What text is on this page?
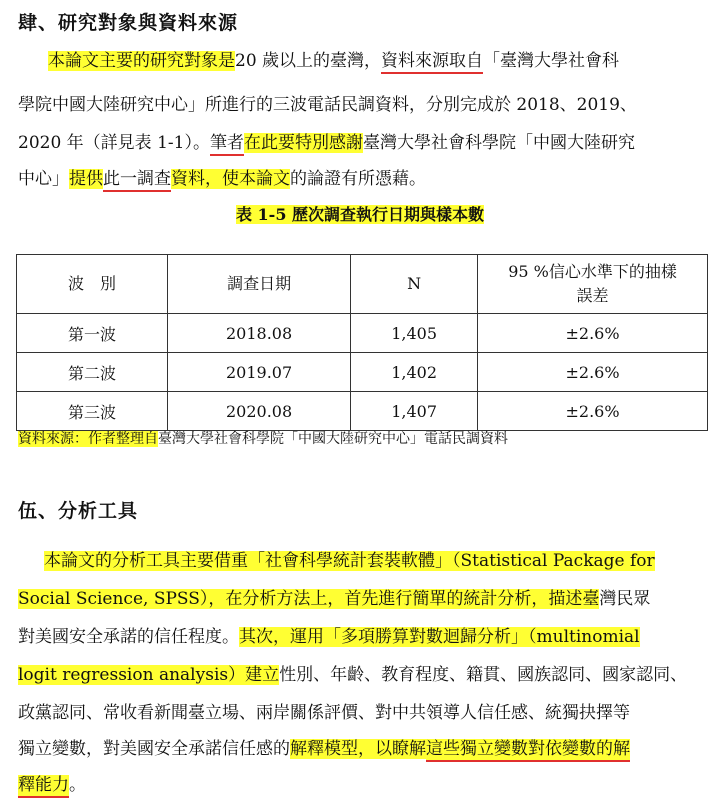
肆、研究對象與資料來源
本論文主要的研究對象是20 歲以上的臺灣，資料來源取自「臺灣大學社會科
學院中國大陸研究中心」所進行的三波電話民調資料，分別完成於 2018、2019、
2020 年（詳見表 1-1）。筆者在此要特別感謝臺灣大學社會科學院「中國大陸研究
中心」提供此一調查資料，使本論文的論證有所憑藉。
表 1-5 歷次調查執行日期與樣本數
波　別	調查日期	N	95 %信心水準下的抽樣誤差
第一波	2018.08	1,405	±2.6%
第二波	2019.07	1,402	±2.6%
第三波	2020.08	1,407	±2.6%
資料來源：作者整理自臺灣大學社會科學院「中國大陸研究中心」電話民調資料
伍、分析工具
本論文的分析工具主要借重「社會科學統計套裝軟體」（Statistical Package for
Social Science, SPSS），在分析方法上，首先進行簡單的統計分析，描述臺灣民眾
對美國安全承諾的信任程度。其次，運用「多項勝算對數迴歸分析」（multinomial
logit regression analysis）建立性別、年齡、教育程度、籍貫、國族認同、國家認同、
政黨認同、常收看新聞臺立場、兩岸關係評價、對中共領導人信任感、統獨抉擇等
獨立變數，對美國安全承諾信任感的解釋模型，以瞭解這些獨立變數對依變數的解
釋能力。
